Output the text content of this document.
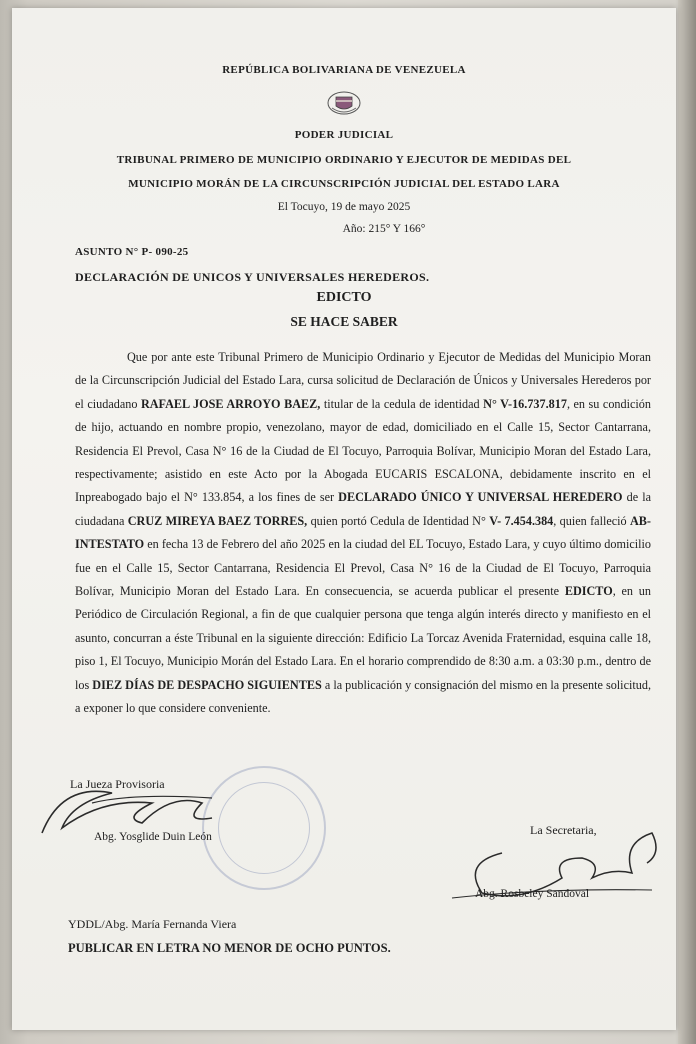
REPÚBLICA BOLIVARIANA DE VENEZUELA
PODER JUDICIAL
TRIBUNAL PRIMERO DE MUNICIPIO ORDINARIO Y EJECUTOR DE MEDIDAS DEL
MUNICIPIO MORÁN DE LA CIRCUNSCRIPCIÓN JUDICIAL DEL ESTADO LARA
El Tocuyo, 19 de mayo 2025
Año: 215° Y 166°
ASUNTO N° P- 090-25
DECLARACIÓN DE UNICOS Y UNIVERSALES HEREDEROS.
EDICTO
SE HACE SABER

Que por ante este Tribunal Primero de Municipio Ordinario y Ejecutor de Medidas del Municipio Moran de la Circunscripción Judicial del Estado Lara, cursa solicitud de Declaración de Únicos y Universales Herederos por el ciudadano RAFAEL JOSE ARROYO BAEZ, titular de la cedula de identidad N° V-16.737.817, en su condición de hijo, actuando en nombre propio, venezolano, mayor de edad, domiciliado en el Calle 15, Sector Cantarrana, Residencia El Prevol, Casa N° 16 de la Ciudad de El Tocuyo, Parroquia Bolívar, Municipio Moran del Estado Lara, respectivamente; asistido en este Acto por la Abogada EUCARIS ESCALONA, debidamente inscrito en el Inpreabogado bajo el N° 133.854, a los fines de ser DECLARADO ÚNICO Y UNIVERSAL HEREDERO de la ciudadana CRUZ MIREYA BAEZ TORRES, quien portó Cedula de Identidad N° V- 7.454.384, quien falleció AB-INTESTATO en fecha 13 de Febrero del año 2025 en la ciudad del EL Tocuyo, Estado Lara, y cuyo último domicilio fue en el Calle 15, Sector Cantarrana, Residencia El Prevol, Casa N° 16 de la Ciudad de El Tocuyo, Parroquia Bolívar, Municipio Moran del Estado Lara. En consecuencia, se acuerda publicar el presente EDICTO, en un Periódico de Circulación Regional, a fin de que cualquier persona que tenga algún interés directo y manifiesto en el asunto, concurran a éste Tribunal en la siguiente dirección: Edificio La Torcaz Avenida Fraternidad, esquina calle 18, piso 1, El Tocuyo, Municipio Morán del Estado Lara. En el horario comprendido de 8:30 a.m. a 03:30 p.m., dentro de los DIEZ DÍAS DE DESPACHO SIGUIENTES a la publicación y consignación del mismo en la presente solicitud, a exponer lo que considere conveniente.

La Jueza Provisoria
Abg. Yosglide Duin León	La Secretaria,
Abg. Rosbeley Sandoval
YDDL/Abg. María Fernanda Viera
PUBLICAR EN LETRA NO MENOR DE OCHO PUNTOS.
